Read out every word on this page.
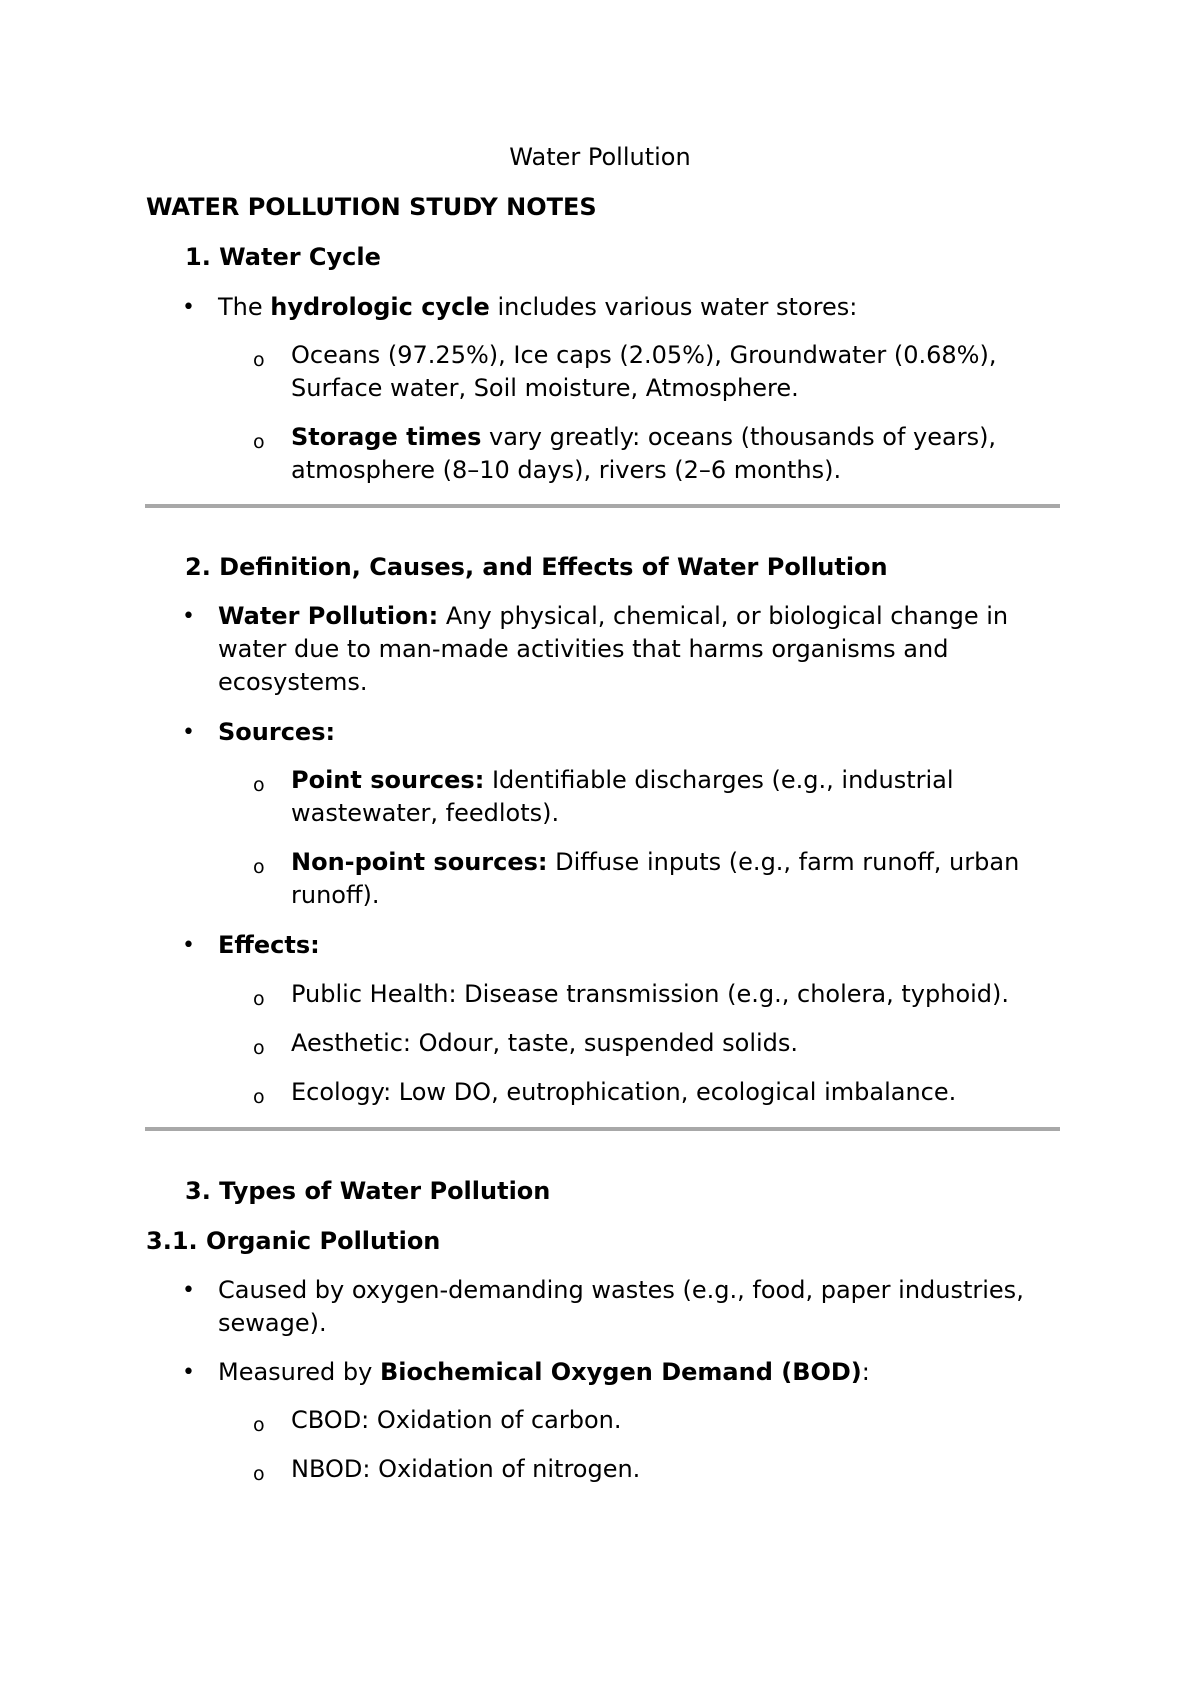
Water Pollution
WATER POLLUTION STUDY NOTES
1. Water Cycle
• The hydrologic cycle includes various water stores:
o Oceans (97.25%), Ice caps (2.05%), Groundwater (0.68%),
Surface water, Soil moisture, Atmosphere.
o Storage times vary greatly: oceans (thousands of years),
atmosphere (8–10 days), rivers (2–6 months).
2. Definition, Causes, and Effects of Water Pollution
• Water Pollution: Any physical, chemical, or biological change in
water due to man-made activities that harms organisms and
ecosystems.
• Sources:
o Point sources: Identifiable discharges (e.g., industrial
wastewater, feedlots).
o Non-point sources: Diffuse inputs (e.g., farm runoff, urban
runoff).
• Effects:
o Public Health: Disease transmission (e.g., cholera, typhoid).
o Aesthetic: Odour, taste, suspended solids.
o Ecology: Low DO, eutrophication, ecological imbalance.
3. Types of Water Pollution
3.1. Organic Pollution
• Caused by oxygen-demanding wastes (e.g., food, paper industries,
sewage).
• Measured by Biochemical Oxygen Demand (BOD):
o CBOD: Oxidation of carbon.
o NBOD: Oxidation of nitrogen.
